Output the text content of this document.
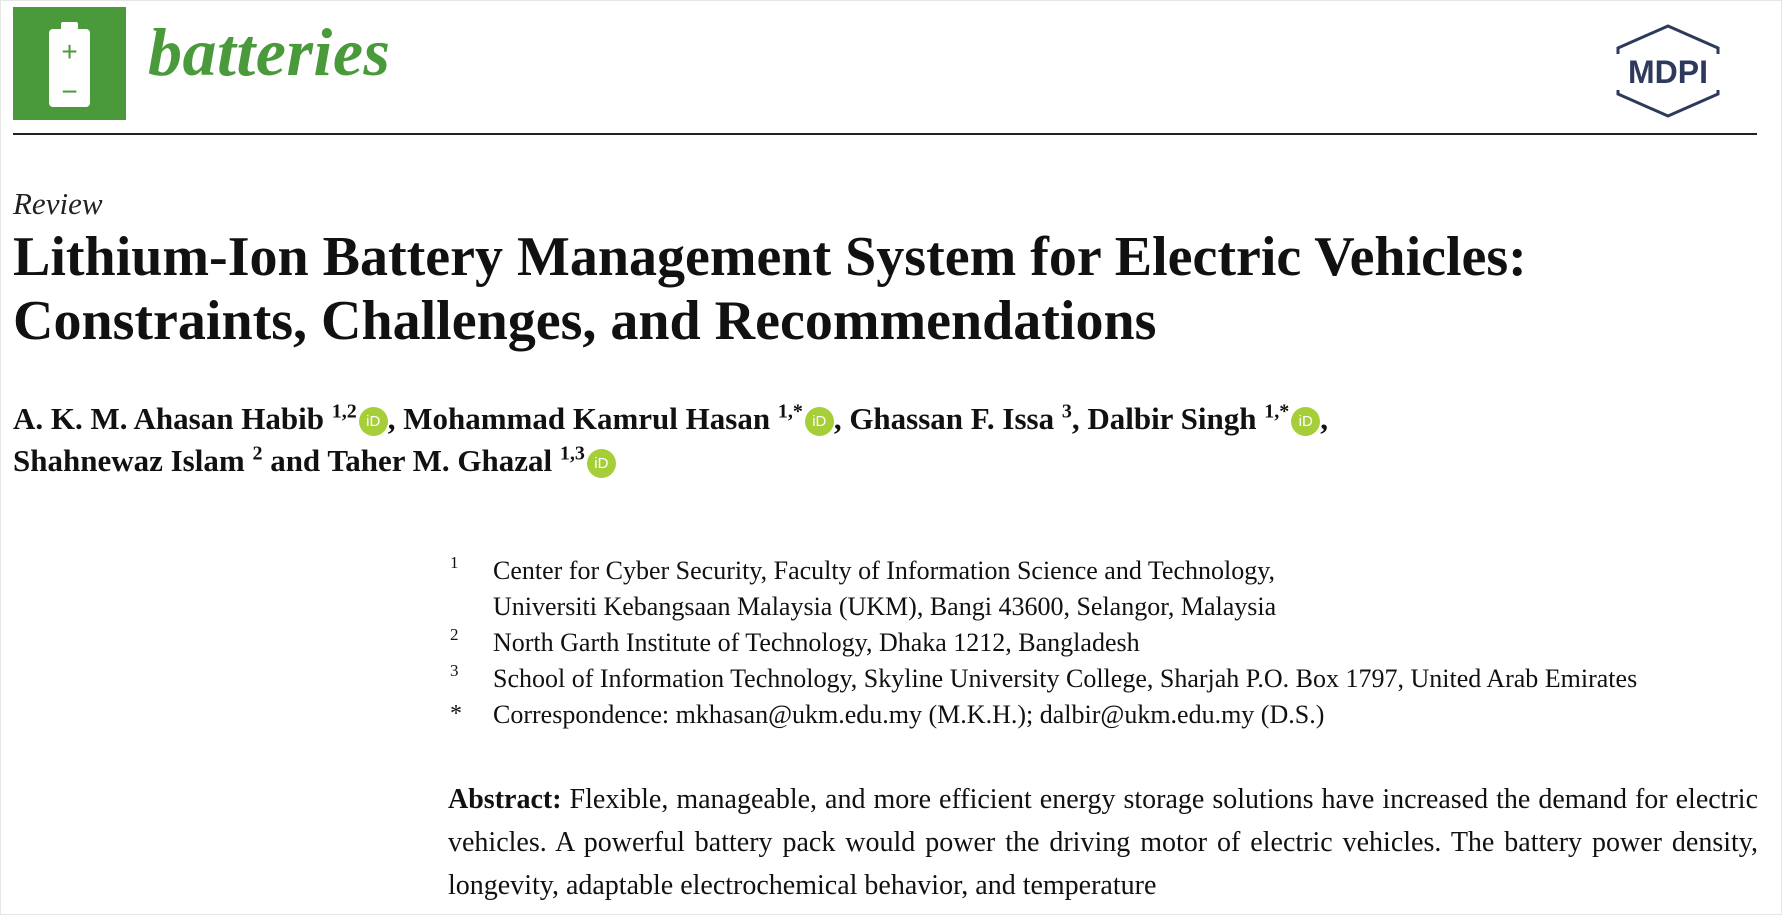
+
−
batteries	MDPI
Review
Lithium-Ion Battery Management System for Electric Vehicles:
Constraints, Challenges, and Recommendations

A. K. M. Ahasan Habib $^{1,2}$ iD , Mohammad Kamrul Hasan $^{1,*}$ iD , Ghassan F. Issa $^3$, Dalbir Singh $^{1,*}$ iD ,
Shahnewaz Islam $^2$ and Taher M. Ghazal $^{1,3}$ iD

1 Center for Cyber Security, Faculty of Information Science and Technology,
Universiti Kebangsaan Malaysia (UKM), Bangi 43600, Selangor, Malaysia
2 North Garth Institute of Technology, Dhaka 1212, Bangladesh
3 School of Information Technology, Skyline University College, Sharjah P.O. Box 1797, United Arab Emirates
* Correspondence: mkhasan@ukm.edu.my (M.K.H.); dalbir@ukm.edu.my (D.S.)

Abstract: Flexible, manageable, and more efficient energy storage solutions have increased the demand for electric vehicles. A powerful battery pack would power the driving motor of electric vehicles. The battery power density, longevity, adaptable electrochemical behavior, and temperature
